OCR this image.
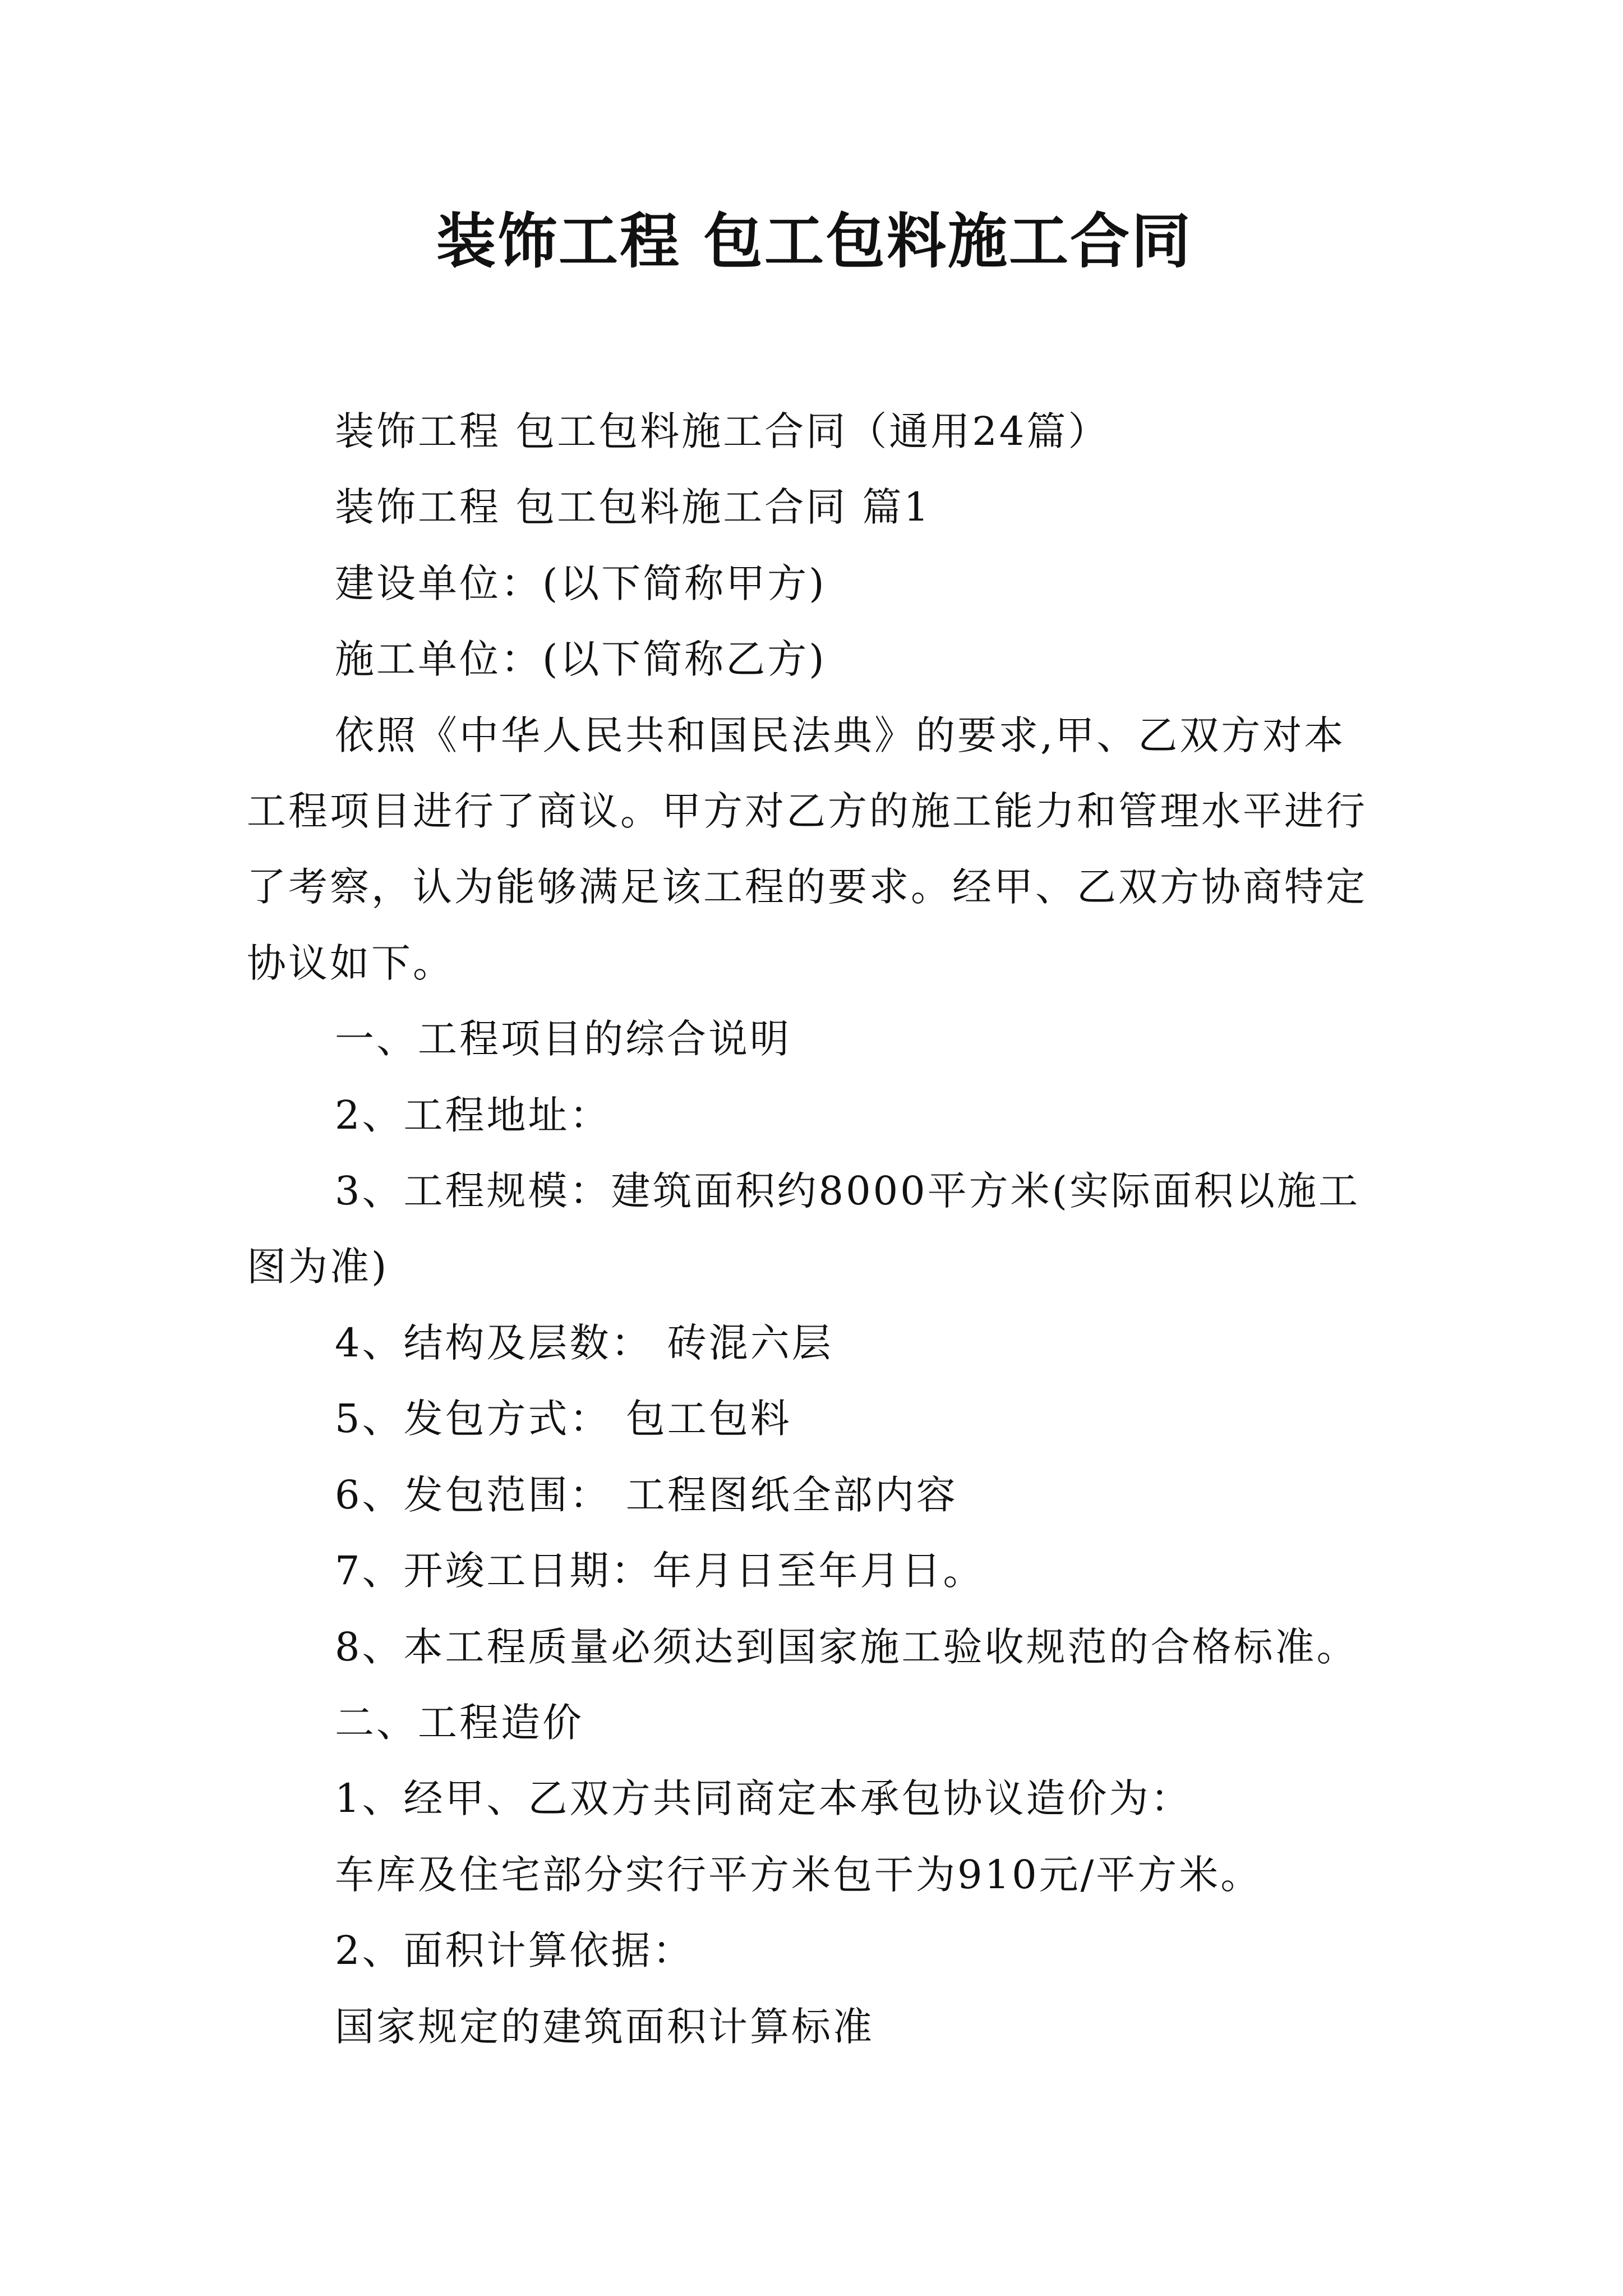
装饰工程 包工包料施工合同

装饰工程 包工包料施工合同（通用24篇）

装饰工程 包工包料施工合同 篇1

建设单位：(以下简称甲方)

施工单位：(以下简称乙方)

依照《中华人民共和国民法典》的要求,甲、乙双方对本工程项目进行了商议。甲方对乙方的施工能力和管理水平进行了考察，认为能够满足该工程的要求。经甲、乙双方协商特定协议如下。

一、工程项目的综合说明

2、工程地址：

3、工程规模：建筑面积约8000平方米(实际面积以施工图为准)

4、结构及层数： 砖混六层

5、发包方式： 包工包料

6、发包范围： 工程图纸全部内容

7、开竣工日期：年月日至年月日。

8、本工程质量必须达到国家施工验收规范的合格标准。

二、工程造价

1、经甲、乙双方共同商定本承包协议造价为：

车库及住宅部分实行平方米包干为910元/平方米。

2、面积计算依据：

国家规定的建筑面积计算标准
